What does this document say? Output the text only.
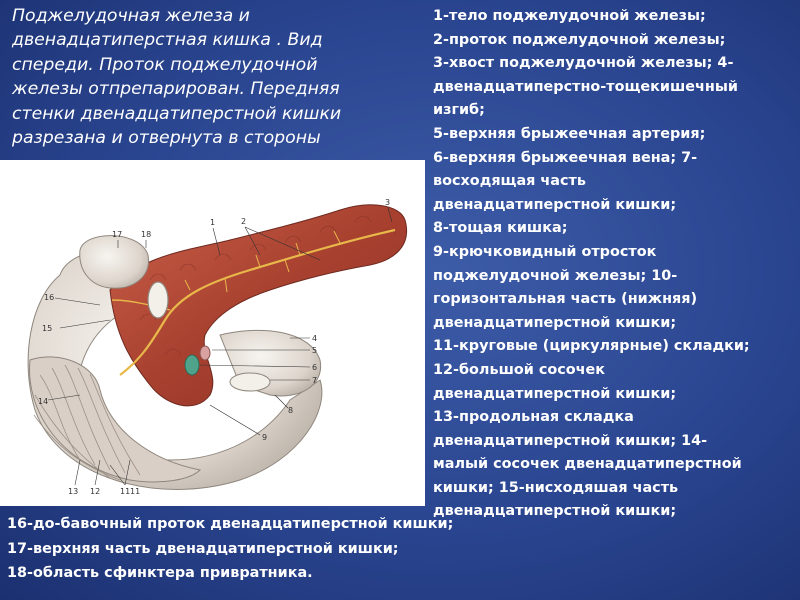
Поджелудочная железа и
двенадцатиперстная кишка . Вид
спереди. Проток поджелудочной
железы отпрепарирован. Передняя
стенки двенадцатиперстной кишки
разрезана и отвернута в стороны
1-тело поджелудочной железы;
2-проток поджелудочной железы;
3-хвост поджелудочной железы; 4-
двенадцатиперстно-тощекишечный
изгиб;
5-верхняя брыжеечная артерия;
6-верхняя брыжеечная вена; 7-
восходящая часть
двенадцатиперстной кишки;
8-тощая кишка;
9-крючковидный отросток
поджелудочной железы; 10-
горизонтальная часть (нижняя)
двенадцатиперстной кишки;
11-круговые (циркулярные) складки;
12-большой сосочек
двенадцатиперстной кишки;
13-продольная складка
двенадцатиперстной кишки; 14-
малый сосочек двенадцатиперстной
кишки; 15-нисходяшая часть
двенадцатиперстной кишки;
1	2
3
4
5
6
7
8
9
11 11
12
13
14
15
16
17 18
16-до-бавочный проток двенадцатиперстной кишки;
17-верхняя часть двенадцатиперстной кишки;
18-область сфинктера привратника.
